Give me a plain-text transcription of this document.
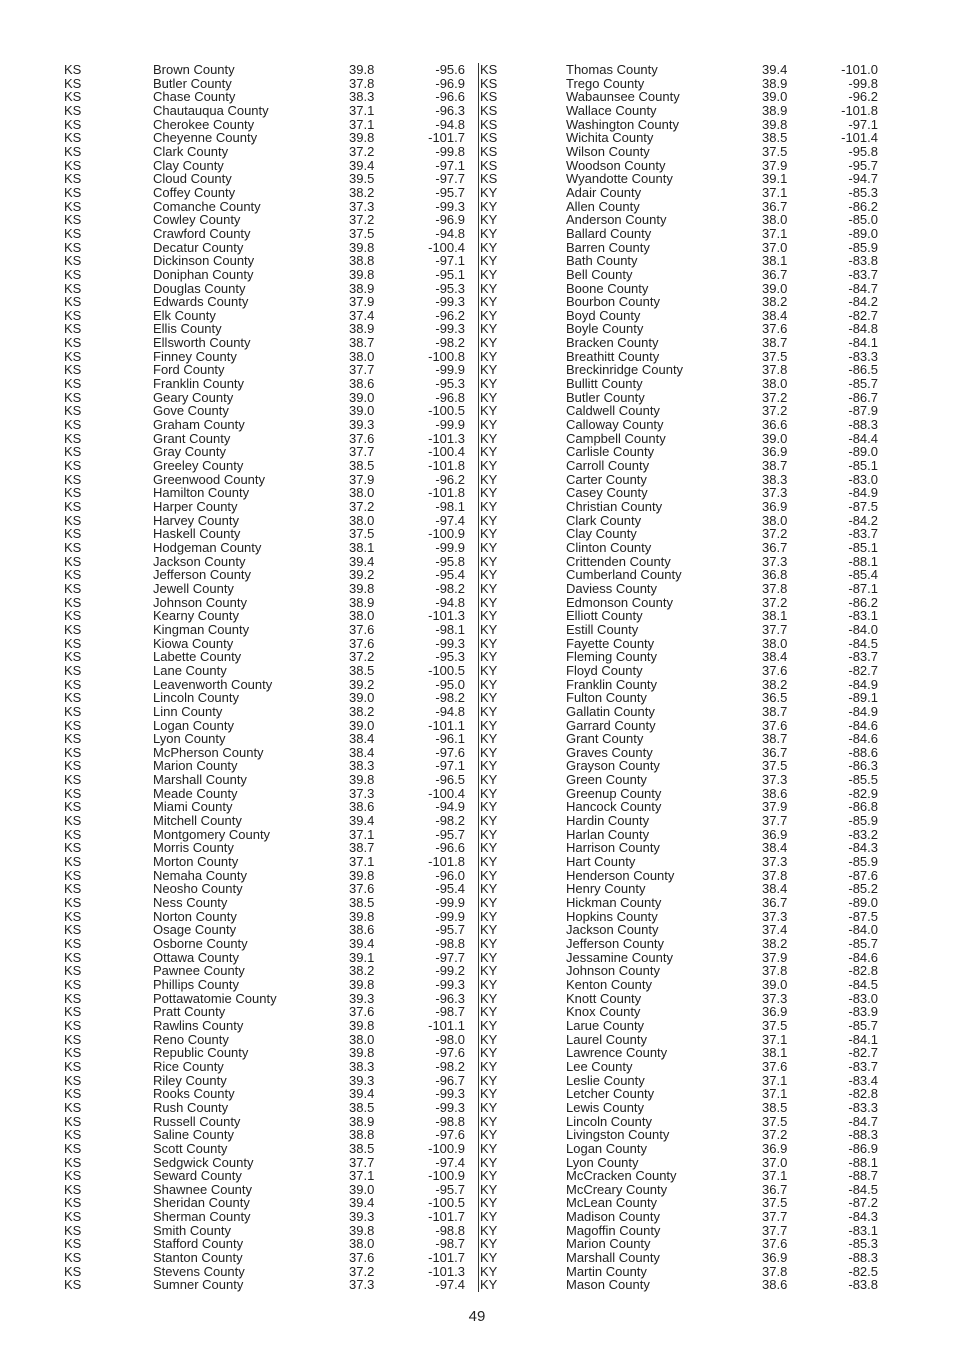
KS	Brown County	39.8	-95.6
KS	Butler County	37.8	-96.9
KS	Chase County	38.3	-96.6
KS	Chautauqua County	37.1	-96.3
KS	Cherokee County	37.1	-94.8
KS	Cheyenne County	39.8	-101.7
KS	Clark County	37.2	-99.8
KS	Clay County	39.4	-97.1
KS	Cloud County	39.5	-97.7
KS	Coffey County	38.2	-95.7
KS	Comanche County	37.3	-99.3
KS	Cowley County	37.2	-96.9
KS	Crawford County	37.5	-94.8
KS	Decatur County	39.8	-100.4
KS	Dickinson County	38.8	-97.1
KS	Doniphan County	39.8	-95.1
KS	Douglas County	38.9	-95.3
KS	Edwards County	37.9	-99.3
KS	Elk County	37.4	-96.2
KS	Ellis County	38.9	-99.3
KS	Ellsworth County	38.7	-98.2
KS	Finney County	38.0	-100.8
KS	Ford County	37.7	-99.9
KS	Franklin County	38.6	-95.3
KS	Geary County	39.0	-96.8
KS	Gove County	39.0	-100.5
KS	Graham County	39.3	-99.9
KS	Grant County	37.6	-101.3
KS	Gray County	37.7	-100.4
KS	Greeley County	38.5	-101.8
KS	Greenwood County	37.9	-96.2
KS	Hamilton County	38.0	-101.8
KS	Harper County	37.2	-98.1
KS	Harvey County	38.0	-97.4
KS	Haskell County	37.5	-100.9
KS	Hodgeman County	38.1	-99.9
KS	Jackson County	39.4	-95.8
KS	Jefferson County	39.2	-95.4
KS	Jewell County	39.8	-98.2
KS	Johnson County	38.9	-94.8
KS	Kearny County	38.0	-101.3
KS	Kingman County	37.6	-98.1
KS	Kiowa County	37.6	-99.3
KS	Labette County	37.2	-95.3
KS	Lane County	38.5	-100.5
KS	Leavenworth County	39.2	-95.0
KS	Lincoln County	39.0	-98.2
KS	Linn County	38.2	-94.8
KS	Logan County	39.0	-101.1
KS	Lyon County	38.4	-96.1
KS	McPherson County	38.4	-97.6
KS	Marion County	38.3	-97.1
KS	Marshall County	39.8	-96.5
KS	Meade County	37.3	-100.4
KS	Miami County	38.6	-94.9
KS	Mitchell County	39.4	-98.2
KS	Montgomery County	37.1	-95.7
KS	Morris County	38.7	-96.6
KS	Morton County	37.1	-101.8
KS	Nemaha County	39.8	-96.0
KS	Neosho County	37.6	-95.4
KS	Ness County	38.5	-99.9
KS	Norton County	39.8	-99.9
KS	Osage County	38.6	-95.7
KS	Osborne County	39.4	-98.8
KS	Ottawa County	39.1	-97.7
KS	Pawnee County	38.2	-99.2
KS	Phillips County	39.8	-99.3
KS	Pottawatomie County	39.3	-96.3
KS	Pratt County	37.6	-98.7
KS	Rawlins County	39.8	-101.1
KS	Reno County	38.0	-98.0
KS	Republic County	39.8	-97.6
KS	Rice County	38.3	-98.2
KS	Riley County	39.3	-96.7
KS	Rooks County	39.4	-99.3
KS	Rush County	38.5	-99.3
KS	Russell County	38.9	-98.8
KS	Saline County	38.8	-97.6
KS	Scott County	38.5	-100.9
KS	Sedgwick County	37.7	-97.4
KS	Seward County	37.1	-100.9
KS	Shawnee County	39.0	-95.7
KS	Sheridan County	39.4	-100.5
KS	Sherman County	39.3	-101.7
KS	Smith County	39.8	-98.8
KS	Stafford County	38.0	-98.7
KS	Stanton County	37.6	-101.7
KS	Stevens County	37.2	-101.3
KS	Sumner County	37.3	-97.4
KS	Thomas County	39.4	-101.0
KS	Trego County	38.9	-99.8
KS	Wabaunsee County	39.0	-96.2
KS	Wallace County	38.9	-101.8
KS	Washington County	39.8	-97.1
KS	Wichita County	38.5	-101.4
KS	Wilson County	37.5	-95.8
KS	Woodson County	37.9	-95.7
KS	Wyandotte County	39.1	-94.7
KY	Adair County	37.1	-85.3
KY	Allen County	36.7	-86.2
KY	Anderson County	38.0	-85.0
KY	Ballard County	37.1	-89.0
KY	Barren County	37.0	-85.9
KY	Bath County	38.1	-83.8
KY	Bell County	36.7	-83.7
KY	Boone County	39.0	-84.7
KY	Bourbon County	38.2	-84.2
KY	Boyd County	38.4	-82.7
KY	Boyle County	37.6	-84.8
KY	Bracken County	38.7	-84.1
KY	Breathitt County	37.5	-83.3
KY	Breckinridge County	37.8	-86.5
KY	Bullitt County	38.0	-85.7
KY	Butler County	37.2	-86.7
KY	Caldwell County	37.2	-87.9
KY	Calloway County	36.6	-88.3
KY	Campbell County	39.0	-84.4
KY	Carlisle County	36.9	-89.0
KY	Carroll County	38.7	-85.1
KY	Carter County	38.3	-83.0
KY	Casey County	37.3	-84.9
KY	Christian County	36.9	-87.5
KY	Clark County	38.0	-84.2
KY	Clay County	37.2	-83.7
KY	Clinton County	36.7	-85.1
KY	Crittenden County	37.3	-88.1
KY	Cumberland County	36.8	-85.4
KY	Daviess County	37.8	-87.1
KY	Edmonson County	37.2	-86.2
KY	Elliott County	38.1	-83.1
KY	Estill County	37.7	-84.0
KY	Fayette County	38.0	-84.5
KY	Fleming County	38.4	-83.7
KY	Floyd County	37.6	-82.7
KY	Franklin County	38.2	-84.9
KY	Fulton County	36.5	-89.1
KY	Gallatin County	38.7	-84.9
KY	Garrard County	37.6	-84.6
KY	Grant County	38.7	-84.6
KY	Graves County	36.7	-88.6
KY	Grayson County	37.5	-86.3
KY	Green County	37.3	-85.5
KY	Greenup County	38.6	-82.9
KY	Hancock County	37.9	-86.8
KY	Hardin County	37.7	-85.9
KY	Harlan County	36.9	-83.2
KY	Harrison County	38.4	-84.3
KY	Hart County	37.3	-85.9
KY	Henderson County	37.8	-87.6
KY	Henry County	38.4	-85.2
KY	Hickman County	36.7	-89.0
KY	Hopkins County	37.3	-87.5
KY	Jackson County	37.4	-84.0
KY	Jefferson County	38.2	-85.7
KY	Jessamine County	37.9	-84.6
KY	Johnson County	37.8	-82.8
KY	Kenton County	39.0	-84.5
KY	Knott County	37.3	-83.0
KY	Knox County	36.9	-83.9
KY	Larue County	37.5	-85.7
KY	Laurel County	37.1	-84.1
KY	Lawrence County	38.1	-82.7
KY	Lee County	37.6	-83.7
KY	Leslie County	37.1	-83.4
KY	Letcher County	37.1	-82.8
KY	Lewis County	38.5	-83.3
KY	Lincoln County	37.5	-84.7
KY	Livingston County	37.2	-88.3
KY	Logan County	36.9	-86.9
KY	Lyon County	37.0	-88.1
KY	McCracken County	37.1	-88.7
KY	McCreary County	36.7	-84.5
KY	McLean County	37.5	-87.2
KY	Madison County	37.7	-84.3
KY	Magoffin County	37.7	-83.1
KY	Marion County	37.6	-85.3
KY	Marshall County	36.9	-88.3
KY	Martin County	37.8	-82.5
KY	Mason County	38.6	-83.8
49
